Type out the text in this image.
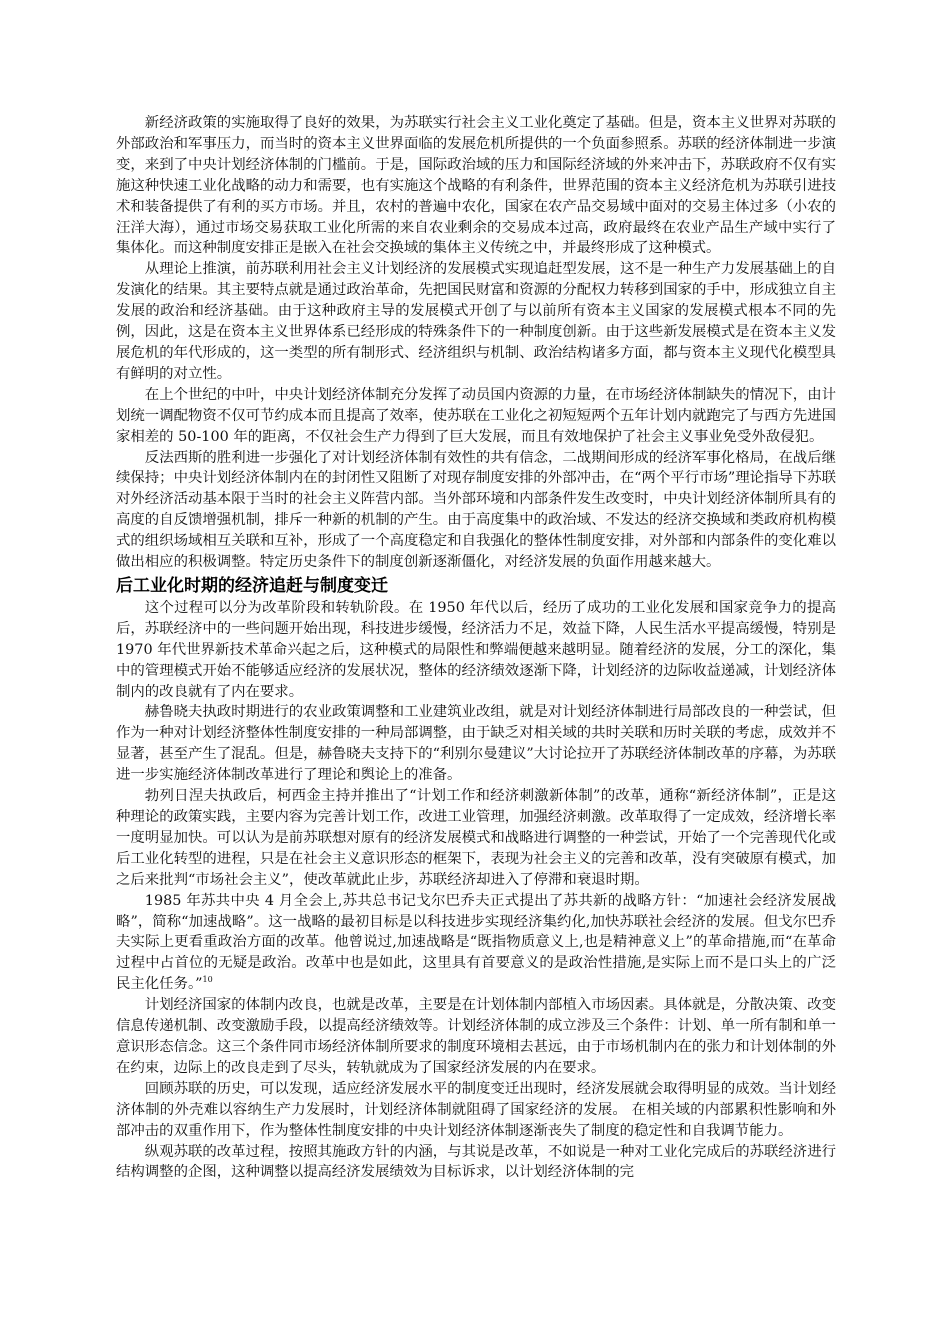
新经济政策的实施取得了良好的效果，为苏联实行社会主义工业化奠定了基础。但是，资本主义世界对苏联的外部政治和军事压力，而当时的资本主义世界面临的发展危机所提供的一个负面参照系。苏联的经济体制进一步演变，来到了中央计划经济体制的门槛前。于是，国际政治域的压力和国际经济域的外来冲击下，苏联政府不仅有实施这种快速工业化战略的动力和需要，也有实施这个战略的有利条件，世界范围的资本主义经济危机为苏联引进技术和装备提供了有利的买方市场。并且，农村的普遍中农化，国家在农产品交易域中面对的交易主体过多（小农的汪洋大海），通过市场交易获取工业化所需的来自农业剩余的交易成本过高，政府最终在农业产品生产域中实行了集体化。而这种制度安排正是嵌入在社会交换域的集体主义传统之中，并最终形成了这种模式。

从理论上推演，前苏联利用社会主义计划经济的发展模式实现追赶型发展，这不是一种生产力发展基础上的自发演化的结果。其主要特点就是通过政治革命，先把国民财富和资源的分配权力转移到国家的手中，形成独立自主发展的政治和经济基础。由于这种政府主导的发展模式开创了与以前所有资本主义国家的发展模式根本不同的先例，因此，这是在资本主义世界体系已经形成的特殊条件下的一种制度创新。由于这些新发展模式是在资本主义发展危机的年代形成的，这一类型的所有制形式、经济组织与机制、政治结构诸多方面，都与资本主义现代化模型具有鲜明的对立性。

在上个世纪的中叶，中央计划经济体制充分发挥了动员国内资源的力量，在市场经济体制缺失的情况下，由计划统一调配物资不仅可节约成本而且提高了效率，使苏联在工业化之初短短两个五年计划内就跑完了与西方先进国家相差的 50-100 年的距离，不仅社会生产力得到了巨大发展，而且有效地保护了社会主义事业免受外敌侵犯。

反法西斯的胜利进一步强化了对计划经济体制有效性的共有信念，二战期间形成的经济军事化格局，在战后继续保持；中央计划经济体制内在的封闭性又阻断了对现存制度安排的外部冲击，在“两个平行市场”理论指导下苏联对外经济活动基本限于当时的社会主义阵营内部。当外部环境和内部条件发生改变时，中央计划经济体制所具有的高度的自反馈增强机制，排斥一种新的机制的产生。由于高度集中的政治域、不发达的经济交换域和类政府机构模式的组织场域相互关联和互补，形成了一个高度稳定和自我强化的整体性制度安排，对外部和内部条件的变化难以做出相应的积极调整。特定历史条件下的制度创新逐渐僵化，对经济发展的负面作用越来越大。

后工业化时期的经济追赶与制度变迁

这个过程可以分为改革阶段和转轨阶段。在 1950 年代以后，经历了成功的工业化发展和国家竞争力的提高后，苏联经济中的一些问题开始出现，科技进步缓慢，经济活力不足，效益下降，人民生活水平提高缓慢，特别是 1970 年代世界新技术革命兴起之后，这种模式的局限性和弊端便越来越明显。随着经济的发展，分工的深化，集中的管理模式开始不能够适应经济的发展状况，整体的经济绩效逐渐下降，计划经济的边际收益递减，计划经济体制内的改良就有了内在要求。

赫鲁晓夫执政时期进行的农业政策调整和工业建筑业改组，就是对计划经济体制进行局部改良的一种尝试，但作为一种对计划经济整体性制度安排的一种局部调整，由于缺乏对相关域的共时关联和历时关联的考虑，成效并不显著，甚至产生了混乱。但是，赫鲁晓夫支持下的“利别尔曼建议”大讨论拉开了苏联经济体制改革的序幕，为苏联进一步实施经济体制改革进行了理论和舆论上的准备。

勃列日涅夫执政后，柯西金主持并推出了“计划工作和经济刺激新体制”的改革，通称“新经济体制”，正是这种理论的政策实践，主要内容为完善计划工作，改进工业管理，加强经济刺激。改革取得了一定成效，经济增长率一度明显加快。可以认为是前苏联想对原有的经济发展模式和战略进行调整的一种尝试，开始了一个完善现代化或后工业化转型的进程，只是在社会主义意识形态的框架下，表现为社会主义的完善和改革，没有突破原有模式，加之后来批判“市场社会主义”，使改革就此止步，苏联经济却进入了停滞和衰退时期。

1985 年苏共中央 4 月全会上,苏共总书记戈尔巴乔夫正式提出了苏共新的战略方针：“加速社会经济发展战略”，简称“加速战略”。这一战略的最初目标是以科技进步实现经济集约化,加快苏联社会经济的发展。但戈尔巴乔夫实际上更看重政治方面的改革。他曾说过,加速战略是“既指物质意义上,也是精神意义上”的革命措施,而“在革命过程中占首位的无疑是政治。改革中也是如此，这里具有首要意义的是政治性措施,是实际上而不是口头上的广泛民主化任务。”$^{10}$

计划经济国家的体制内改良，也就是改革，主要是在计划体制内部植入市场因素。具体就是，分散决策、改变信息传递机制、改变激励手段，以提高经济绩效等。计划经济体制的成立涉及三个条件：计划、单一所有制和单一意识形态信念。这三个条件同市场经济体制所要求的制度环境相去甚远，由于市场机制内在的张力和计划体制的外在约束，边际上的改良走到了尽头，转轨就成为了国家经济发展的内在要求。

回顾苏联的历史，可以发现，适应经济发展水平的制度变迁出现时，经济发展就会取得明显的成效。当计划经济体制的外壳难以容纳生产力发展时，计划经济体制就阻碍了国家经济的发展。 在相关域的内部累积性影响和外部冲击的双重作用下，作为整体性制度安排的中央计划经济体制逐渐丧失了制度的稳定性和自我调节能力。

纵观苏联的改革过程，按照其施政方针的内涵，与其说是改革，不如说是一种对工业化完成后的苏联经济进行结构调整的企图，这种调整以提高经济发展绩效为目标诉求，以计划经济体制的完
